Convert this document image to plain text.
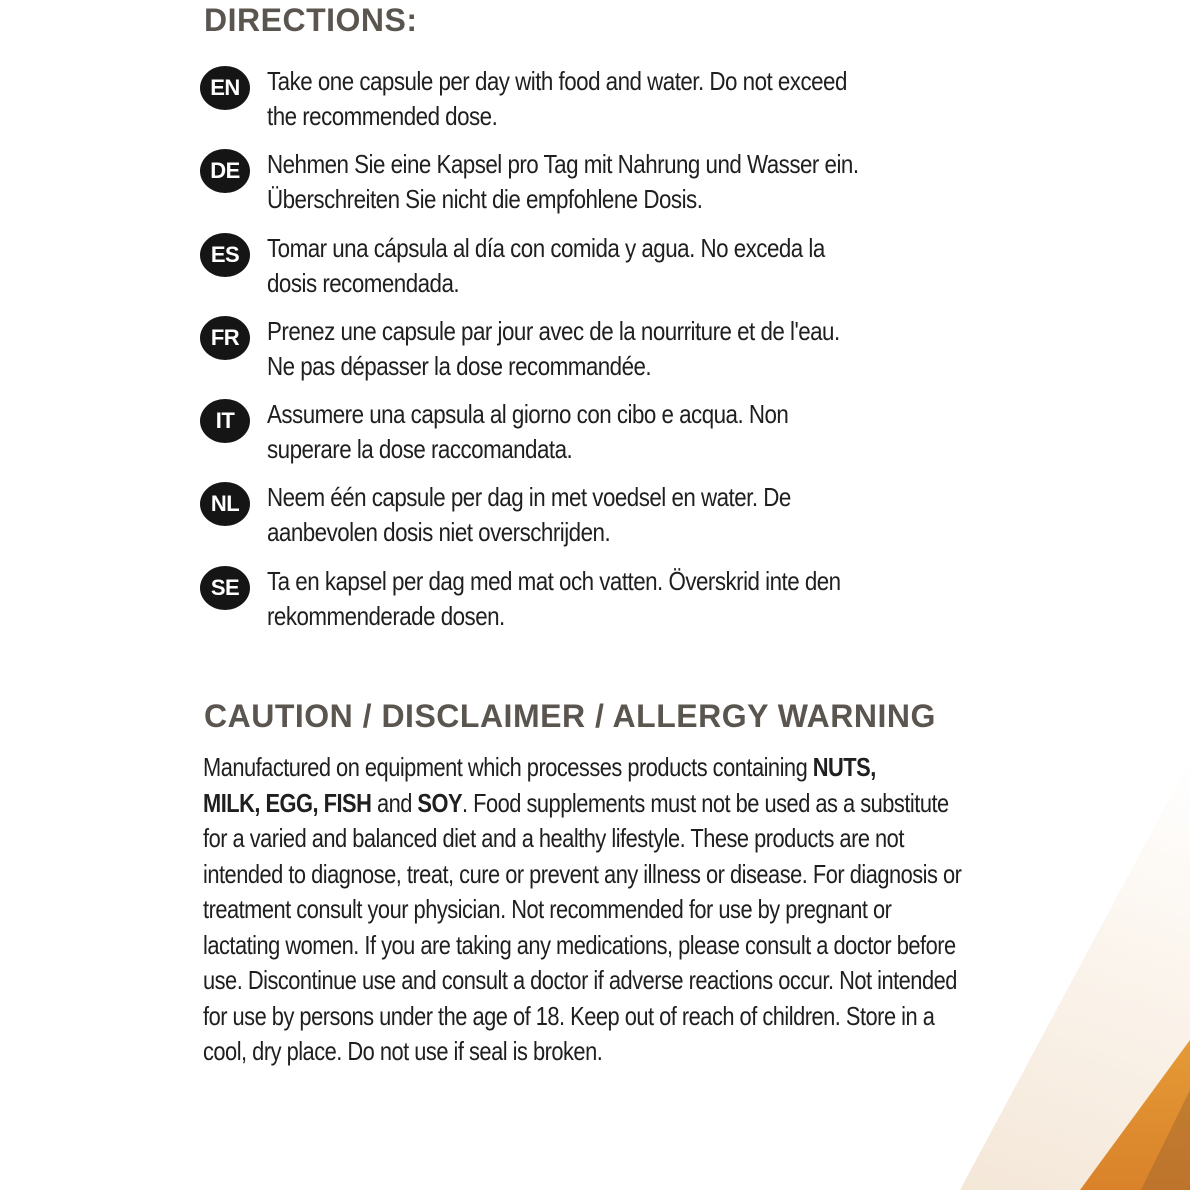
DIRECTIONS:
EN	Take one capsule per day with food and water. Do not exceed the recommended dose.
DE	Nehmen Sie eine Kapsel pro Tag mit Nahrung und Wasser ein. Überschreiten Sie nicht die empfohlene Dosis.
ES	Tomar una cápsula al día con comida y agua. No exceda la dosis recomendada.
FR	Prenez une capsule par jour avec de la nourriture et de l'eau. Ne pas dépasser la dose recommandée.
IT	Assumere una capsula al giorno con cibo e acqua. Non superare la dose raccomandata.
NL	Neem één capsule per dag in met voedsel en water. De aanbevolen dosis niet overschrijden.
SE	Ta en kapsel per dag med mat och vatten. Överskrid inte den rekommenderade dosen.
CAUTION / DISCLAIMER / ALLERGY WARNING
Manufactured on equipment which processes products containing NUTS,
MILK, EGG, FISH and SOY. Food supplements must not be used as a substitute for a varied and balanced diet and a healthy lifestyle. These products are not intended to diagnose, treat, cure or prevent any illness or disease. For diagnosis or treatment consult your physician. Not recommended for use by pregnant or lactating women. If you are taking any medications, please consult a doctor before use. Discontinue use and consult a doctor if adverse reactions occur. Not intended for use by persons under the age of 18. Keep out of reach of children. Store in a cool, dry place. Do not use if seal is broken.
